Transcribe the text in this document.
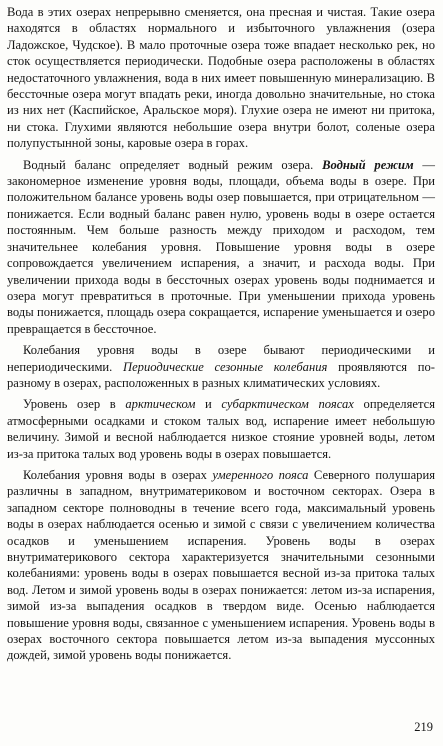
Вода в этих озерах непрерывно сменяется, она пресная и чистая. Такие озера находятся в областях нормального и избыточного увлажнения (озера Ладожское, Чудское). В мало проточные озера тоже впадает несколько рек, но сток осуществляется периодически. Подобные озера расположены в областях недостаточного увлажнения, вода в них имеет повышенную минерализацию. В бессточные озера могут впадать реки, иногда довольно значительные, но стока из них нет (Каспийское, Аральское моря). Глухие озера не имеют ни притока, ни стока. Глухими являются небольшие озера внутри болот, соленые озера полупустынной зоны, каровые озера в горах.

Водный баланс определяет водный режим озера. Водный режим — закономерное изменение уровня воды, площади, объема воды в озере. При положительном балансе уровень воды озер повышается, при отрицательном — понижается. Если водный баланс равен нулю, уровень воды в озере остается постоянным. Чем больше разность между приходом и расходом, тем значительнее колебания уровня. Повышение уровня воды в озере сопровождается увеличением испарения, а значит, и расхода воды. При увеличении прихода воды в бессточных озерах уровень воды поднимается и озера могут превратиться в проточные. При уменьшении прихода уровень воды понижается, площадь озера сокращается, испарение уменьшается и озеро превращается в бессточное.

Колебания уровня воды в озере бывают периодическими и непериодическими. Периодические сезонные колебания проявляются по-разному в озерах, расположенных в разных климатических условиях.

Уровень озер в арктическом и субарктическом поясах определяется атмосферными осадками и стоком талых вод, испарение имеет небольшую величину. Зимой и весной наблюдается низкое стояние уровней воды, летом из-за притока талых вод уровень воды в озерах повышается.

Колебания уровня воды в озерах умеренного пояса Северного полушария различны в западном, внутриматериковом и восточном секторах. Озера в западном секторе полноводны в течение всего года, максимальный уровень воды в озерах наблюдается осенью и зимой с связи с увеличением количества осадков и уменьшением испарения. Уровень воды в озерах внутриматерикового сектора характеризуется значительными сезонными колебаниями: уровень воды в озерах повышается весной из-за притока талых вод. Летом и зимой уровень воды в озерах понижается: летом из-за испарения, зимой из-за выпадения осадков в твердом виде. Осенью наблюдается повышение уровня воды, связанное с уменьшением испарения. Уровень воды в озерах восточного сектора повышается летом из-за выпадения муссонных дождей, зимой уровень воды понижается.

219
